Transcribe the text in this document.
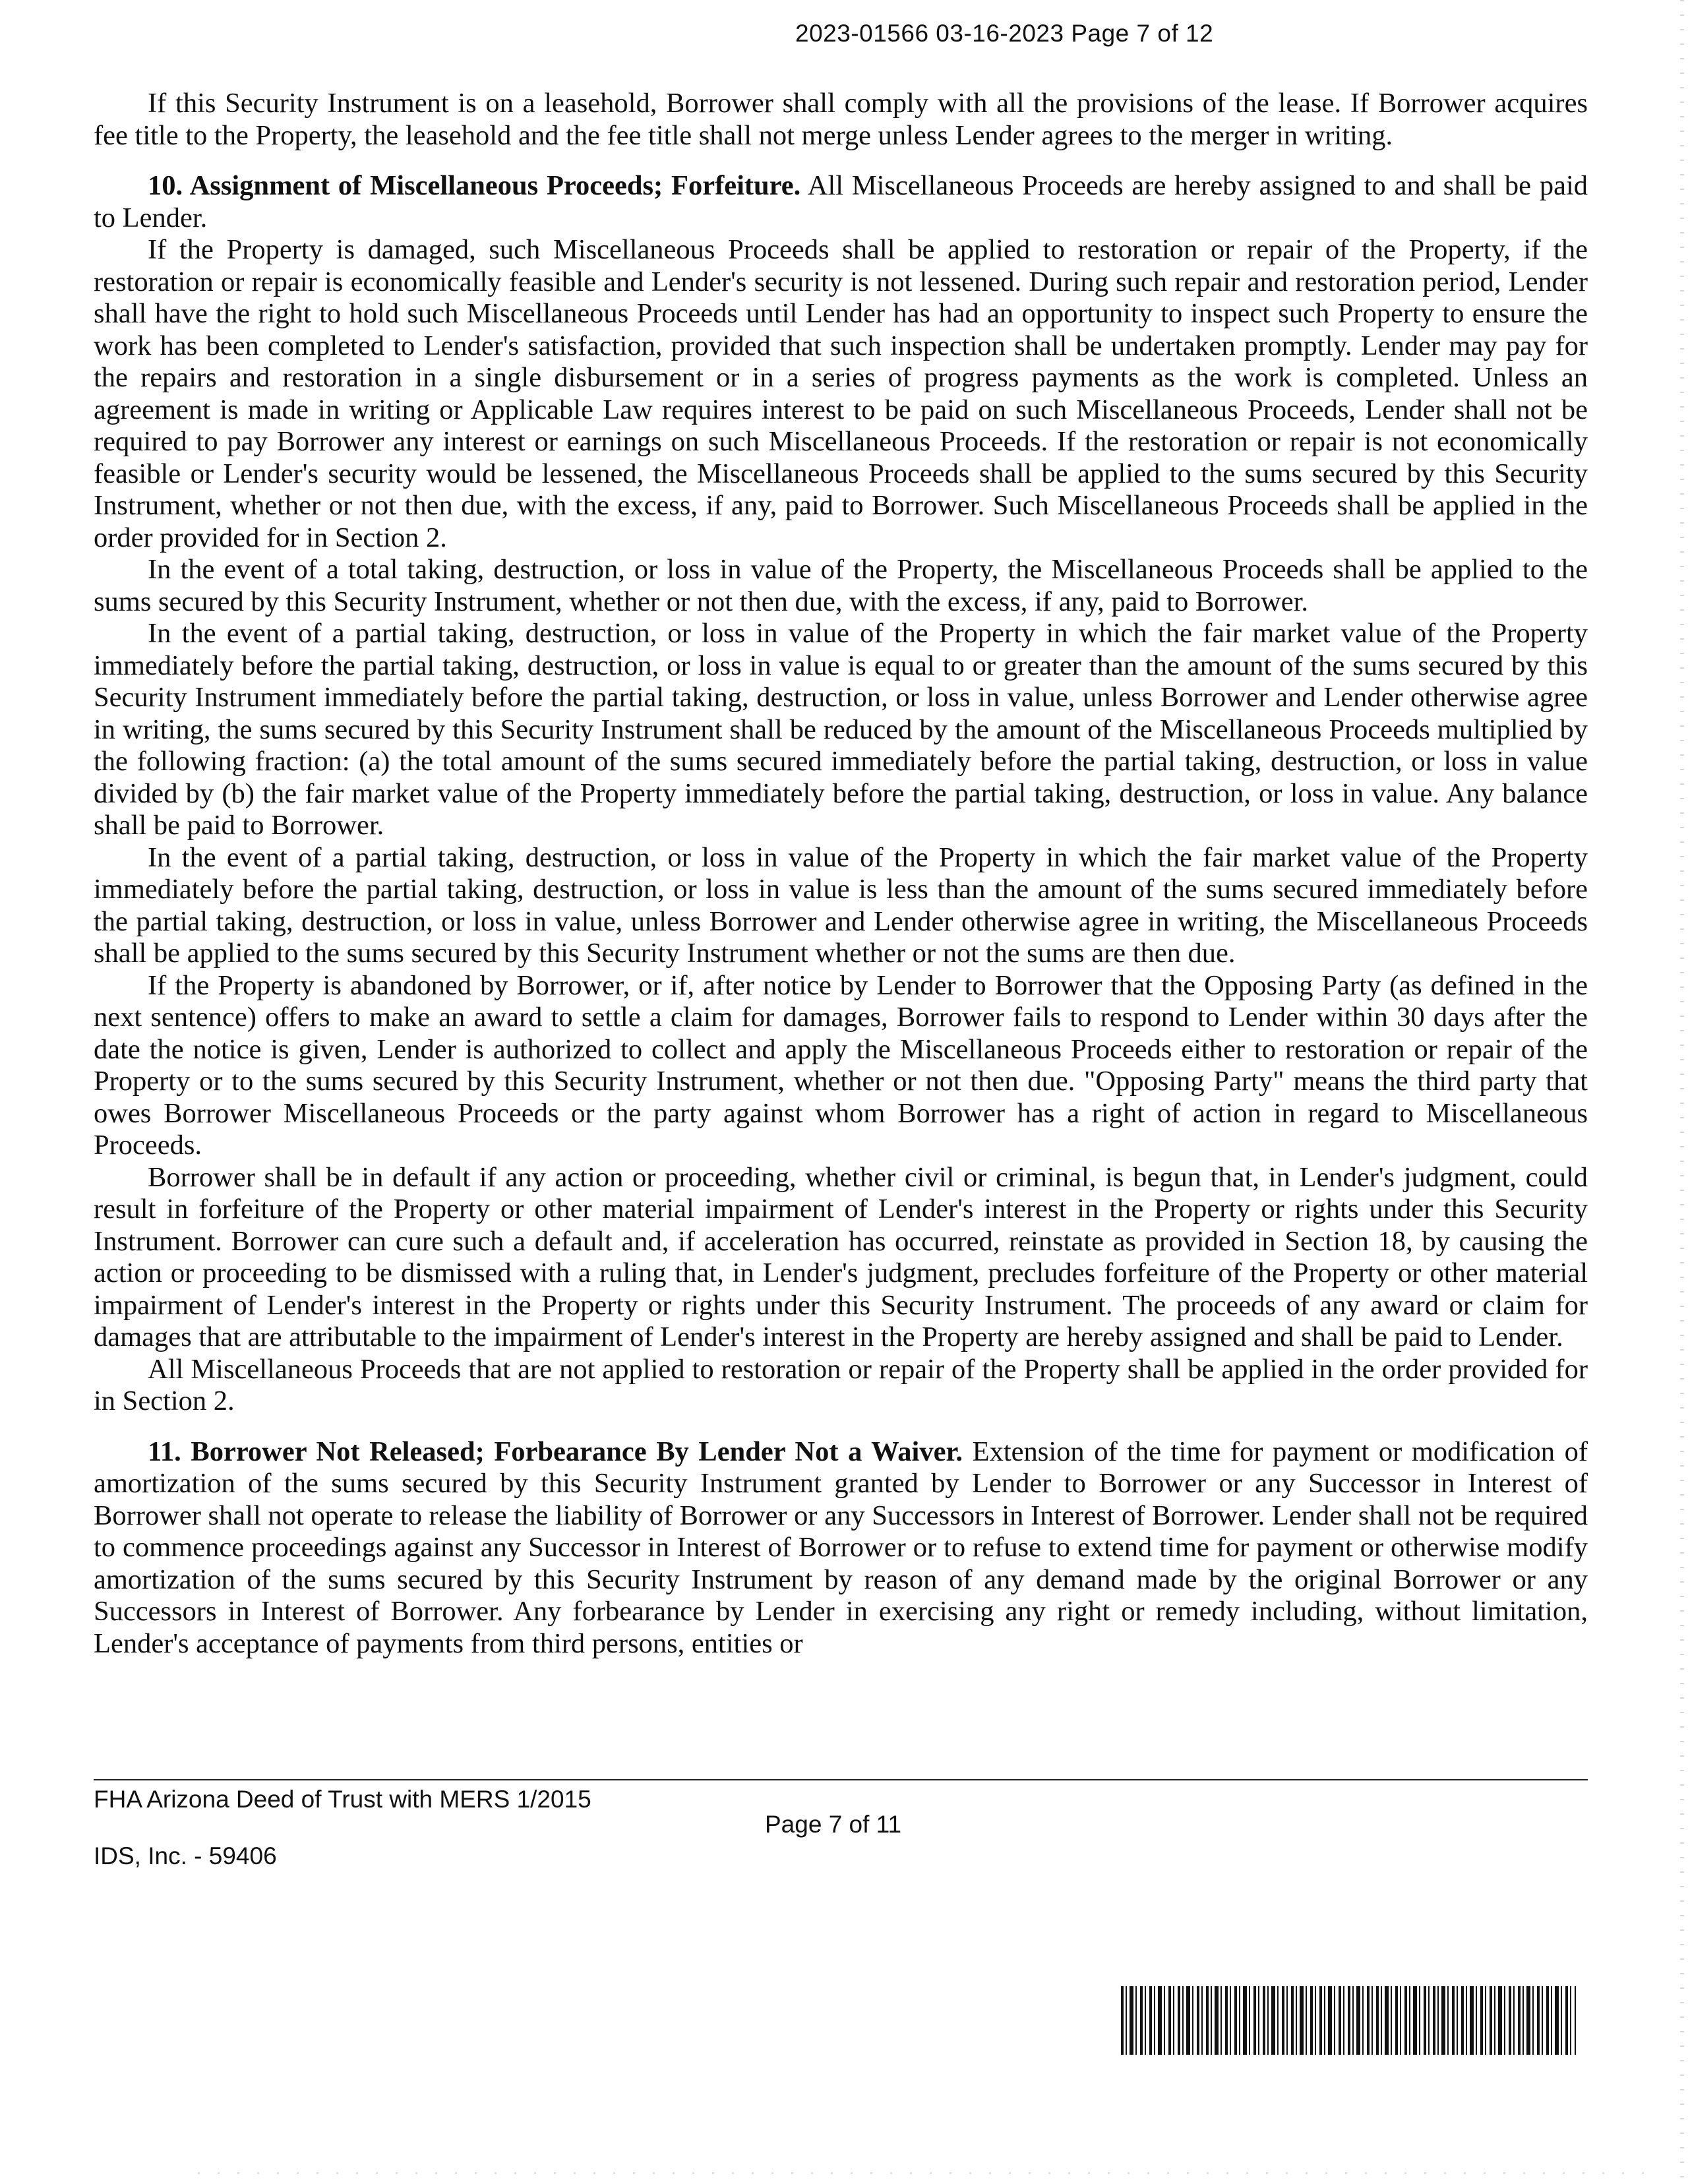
2023-01566 03-16-2023 Page 7 of 12

If this Security Instrument is on a leasehold, Borrower shall comply with all the provisions of the lease. If Borrower acquires fee title to the Property, the leasehold and the fee title shall not merge unless Lender agrees to the merger in writing.

10. Assignment of Miscellaneous Proceeds; Forfeiture. All Miscellaneous Proceeds are hereby assigned to and shall be paid to Lender.

If the Property is damaged, such Miscellaneous Proceeds shall be applied to restoration or repair of the Property, if the restoration or repair is economically feasible and Lender's security is not lessened. During such repair and restoration period, Lender shall have the right to hold such Miscellaneous Proceeds until Lender has had an opportunity to inspect such Property to ensure the work has been completed to Lender's satisfaction, provided that such inspection shall be undertaken promptly. Lender may pay for the repairs and restoration in a single disbursement or in a series of progress payments as the work is completed. Unless an agreement is made in writing or Applicable Law requires interest to be paid on such Miscellaneous Proceeds, Lender shall not be required to pay Borrower any interest or earnings on such Miscellaneous Proceeds. If the restoration or repair is not economically feasible or Lender's security would be lessened, the Miscellaneous Proceeds shall be applied to the sums secured by this Security Instrument, whether or not then due, with the excess, if any, paid to Borrower. Such Miscellaneous Proceeds shall be applied in the order provided for in Section 2.

In the event of a total taking, destruction, or loss in value of the Property, the Miscellaneous Proceeds shall be applied to the sums secured by this Security Instrument, whether or not then due, with the excess, if any, paid to Borrower.

In the event of a partial taking, destruction, or loss in value of the Property in which the fair market value of the Property immediately before the partial taking, destruction, or loss in value is equal to or greater than the amount of the sums secured by this Security Instrument immediately before the partial taking, destruction, or loss in value, unless Borrower and Lender otherwise agree in writing, the sums secured by this Security Instrument shall be reduced by the amount of the Miscellaneous Proceeds multiplied by the following fraction: (a) the total amount of the sums secured immediately before the partial taking, destruction, or loss in value divided by (b) the fair market value of the Property immediately before the partial taking, destruction, or loss in value. Any balance shall be paid to Borrower.

In the event of a partial taking, destruction, or loss in value of the Property in which the fair market value of the Property immediately before the partial taking, destruction, or loss in value is less than the amount of the sums secured immediately before the partial taking, destruction, or loss in value, unless Borrower and Lender otherwise agree in writing, the Miscellaneous Proceeds shall be applied to the sums secured by this Security Instrument whether or not the sums are then due.

If the Property is abandoned by Borrower, or if, after notice by Lender to Borrower that the Opposing Party (as defined in the next sentence) offers to make an award to settle a claim for damages, Borrower fails to respond to Lender within 30 days after the date the notice is given, Lender is authorized to collect and apply the Miscellaneous Proceeds either to restoration or repair of the Property or to the sums secured by this Security Instrument, whether or not then due. "Opposing Party" means the third party that owes Borrower Miscellaneous Proceeds or the party against whom Borrower has a right of action in regard to Miscellaneous Proceeds.

Borrower shall be in default if any action or proceeding, whether civil or criminal, is begun that, in Lender's judgment, could result in forfeiture of the Property or other material impairment of Lender's interest in the Property or rights under this Security Instrument. Borrower can cure such a default and, if acceleration has occurred, reinstate as provided in Section 18, by causing the action or proceeding to be dismissed with a ruling that, in Lender's judgment, precludes forfeiture of the Property or other material impairment of Lender's interest in the Property or rights under this Security Instrument. The proceeds of any award or claim for damages that are attributable to the impairment of Lender's interest in the Property are hereby assigned and shall be paid to Lender.

All Miscellaneous Proceeds that are not applied to restoration or repair of the Property shall be applied in the order provided for in Section 2.

11. Borrower Not Released; Forbearance By Lender Not a Waiver. Extension of the time for payment or modification of amortization of the sums secured by this Security Instrument granted by Lender to Borrower or any Successor in Interest of Borrower shall not operate to release the liability of Borrower or any Successors in Interest of Borrower. Lender shall not be required to commence proceedings against any Successor in Interest of Borrower or to refuse to extend time for payment or otherwise modify amortization of the sums secured by this Security Instrument by reason of any demand made by the original Borrower or any Successors in Interest of Borrower. Any forbearance by Lender in exercising any right or remedy including, without limitation, Lender's acceptance of payments from third persons, entities or

FHA Arizona Deed of Trust with MERS 1/2015
Page 7 of 11
IDS, Inc. - 59406
